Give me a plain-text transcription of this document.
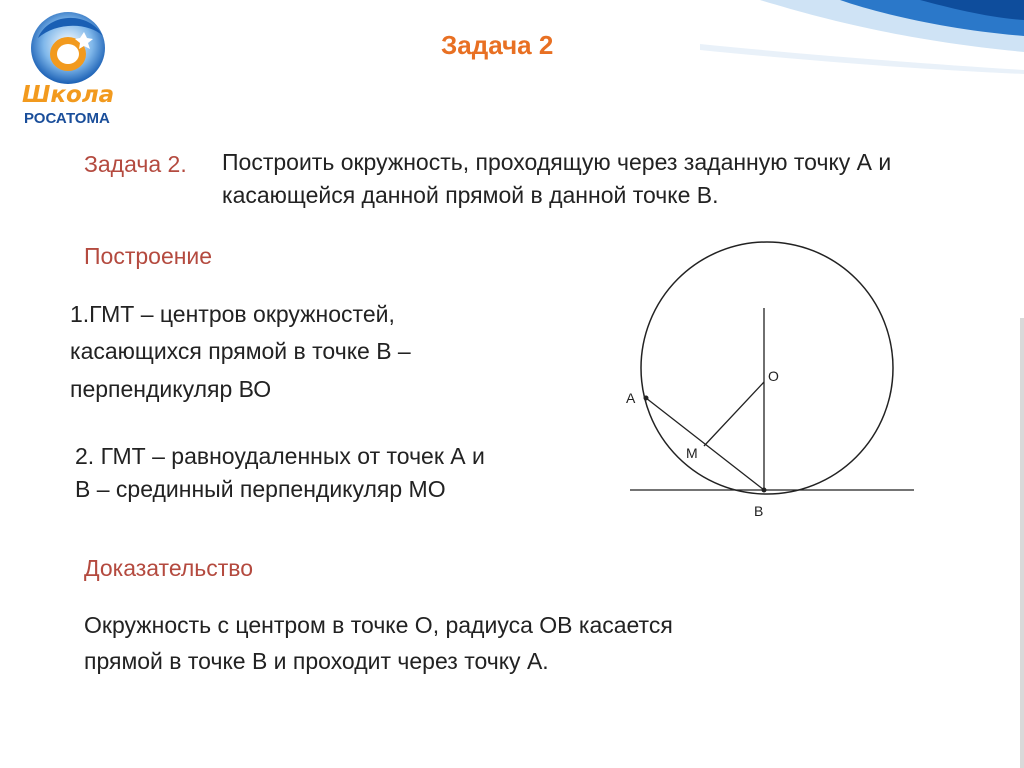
Школа
РОСАТОМА
Задача 2
Задача 2. Построить окружность, проходящую через заданную точку А и касающейся данной прямой в данной точке В.
Построение
1.ГМТ – центров окружностей, касающихся прямой в точке В – перпендикуляр ВО
2. ГМТ – равноудаленных от точек А и В – срединный перпендикуляр МО
Доказательство
Окружность с центром в точке О, радиуса ОВ касается прямой в точке В и проходит через точку А.
A
O
M
B
